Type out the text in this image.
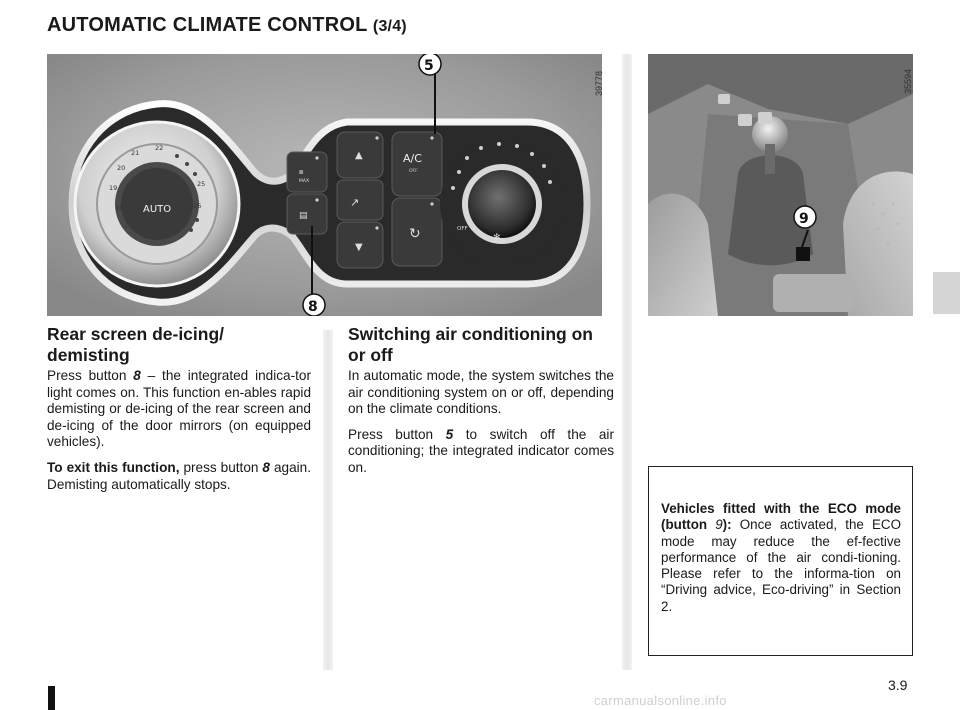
AUTOMATIC CLIMATE CONTROL (3/4)
AUTO
21
22
20
19
18
25
26
⧈
MAX
▤
▲
↗
▼
A/C
OFF
↻	OFF
✻
5
8
39778
9
35594
Rear screen de-icing/
demisting

Press button 8 – the integrated indica-tor light comes on. This function en-ables rapid demisting or de-icing of the rear screen and de-icing of the door mirrors (on equipped vehicles).

To exit this function, press button 8 again. Demisting automatically stops.

Switching air conditioning on
or off

In automatic mode, the system switches the air conditioning system on or off, depending on the climate conditions.

Press button 5 to switch off the air conditioning; the integrated indicator comes on.

Vehicles fitted with the ECO mode (button 9): Once activated, the ECO mode may reduce the ef-fective performance of the air condi-tioning. Please refer to the informa-tion on “Driving advice, Eco-driving” in Section 2.
3.9
carmanualsonline.info
